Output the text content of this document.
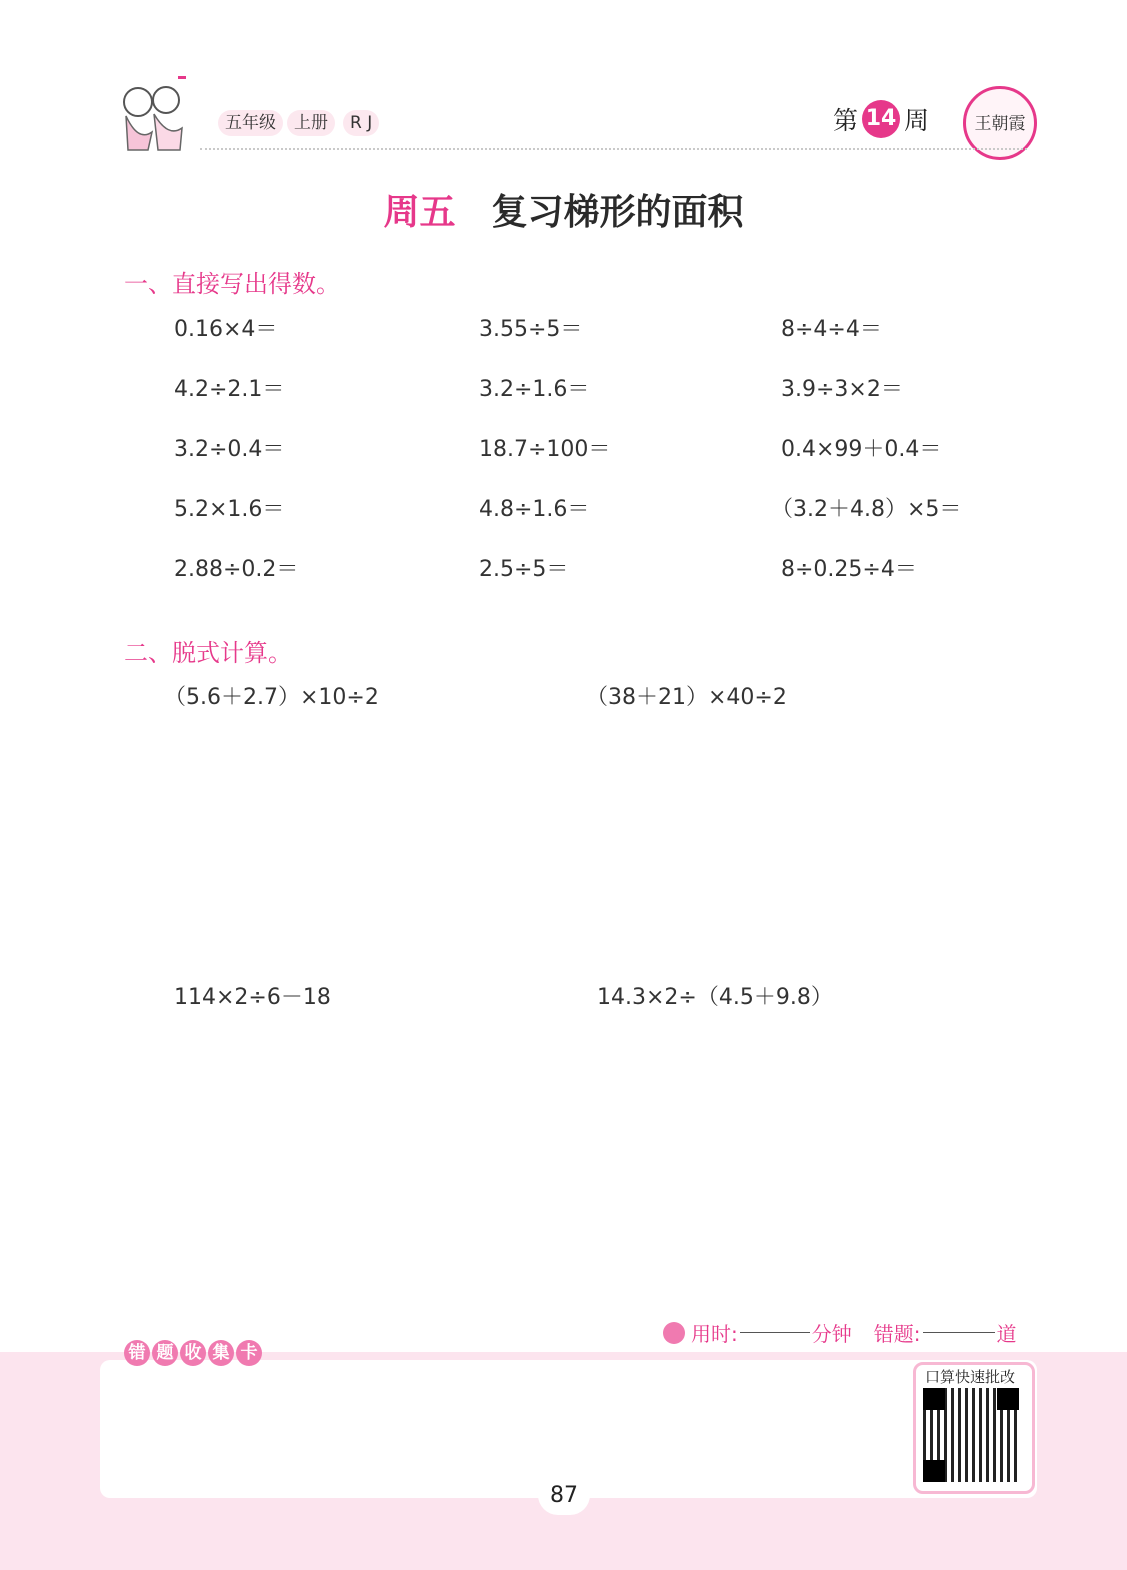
五年级	上册	R J	第 14 周	王朝霞
周五 复习梯形的面积
一、直接写出得数。
0.16×4＝	3.55÷5＝	8÷4÷4＝
4.2÷2.1＝	3.2÷1.6＝	3.9÷3×2＝
3.2÷0.4＝	18.7÷100＝	0.4×99＋0.4＝
5.2×1.6＝	4.8÷1.6＝	（3.2＋4.8）×5＝
2.88÷0.2＝	2.5÷5＝	8÷0.25÷4＝
二、脱式计算。
（5.6＋2.7）×10÷2	（38＋21）×40÷2
114×2÷6－18	14.3×2÷（4.5＋9.8）
用时:	分钟 错题:	道
错 题 收 集 卡
口算快速批改
87
